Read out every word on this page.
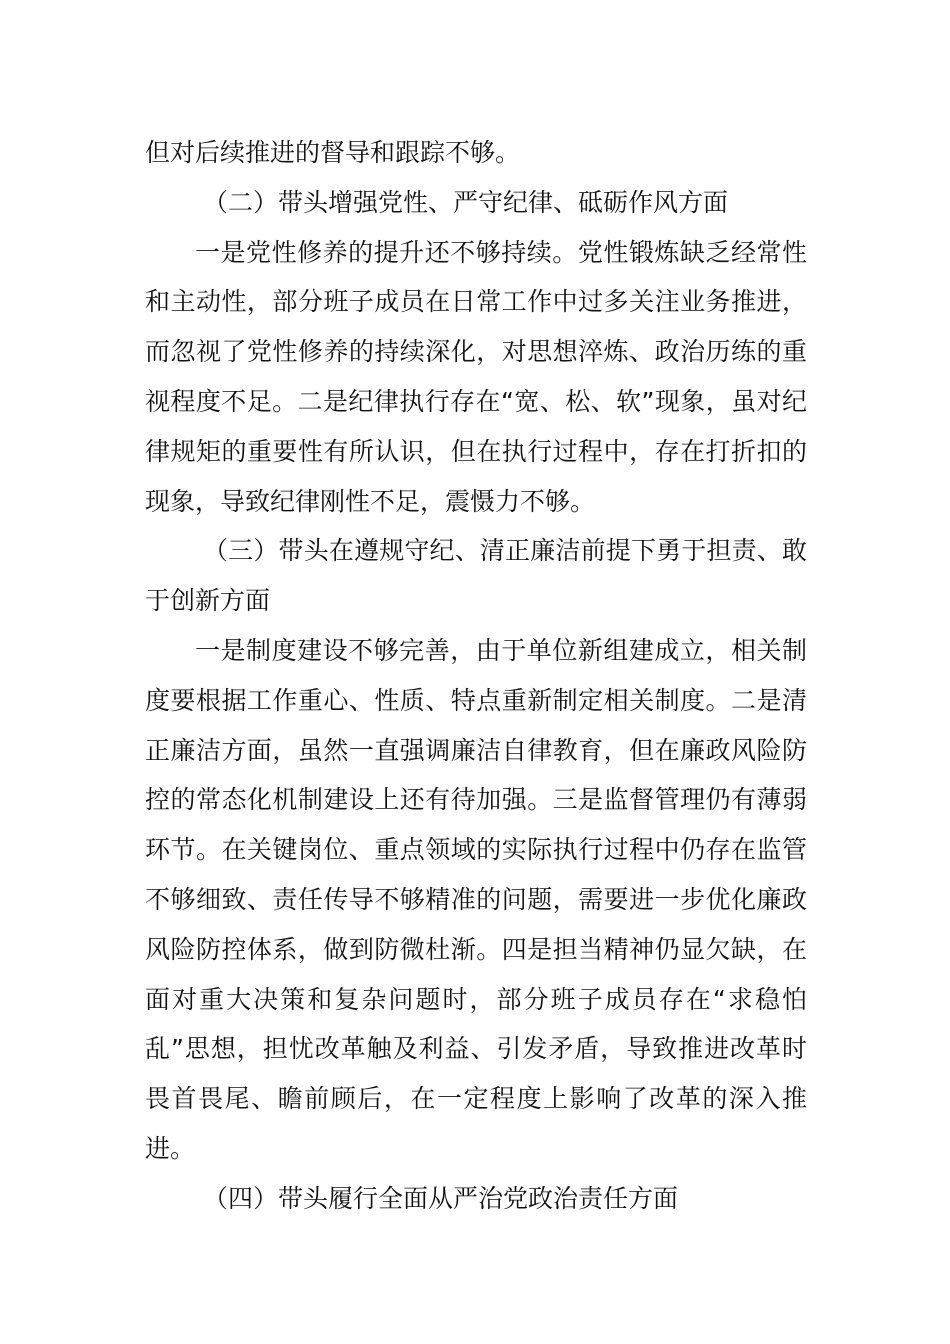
但对后续推进的督导和跟踪不够。

（二）带头增强党性、严守纪律、砥砺作风方面

一是党性修养的提升还不够持续。党性锻炼缺乏经常性和主动性，部分班子成员在日常工作中过多关注业务推进，而忽视了党性修养的持续深化，对思想淬炼、政治历练的重视程度不足。二是纪律执行存在“宽、松、软”现象，虽对纪律规矩的重要性有所认识，但在执行过程中，存在打折扣的现象，导致纪律刚性不足，震慑力不够。

（三）带头在遵规守纪、清正廉洁前提下勇于担责、敢于创新方面

一是制度建设不够完善，由于单位新组建成立，相关制度要根据工作重心、性质、特点重新制定相关制度。二是清正廉洁方面，虽然一直强调廉洁自律教育，但在廉政风险防控的常态化机制建设上还有待加强。三是监督管理仍有薄弱环节。在关键岗位、重点领域的实际执行过程中仍存在监管不够细致、责任传导不够精准的问题，需要进一步优化廉政风险防控体系，做到防微杜渐。四是担当精神仍显欠缺，在面对重大决策和复杂问题时，部分班子成员存在“求稳怕乱”思想，担忧改革触及利益、引发矛盾，导致推进改革时畏首畏尾、瞻前顾后，在一定程度上影响了改革的深入推进。

（四）带头履行全面从严治党政治责任方面
